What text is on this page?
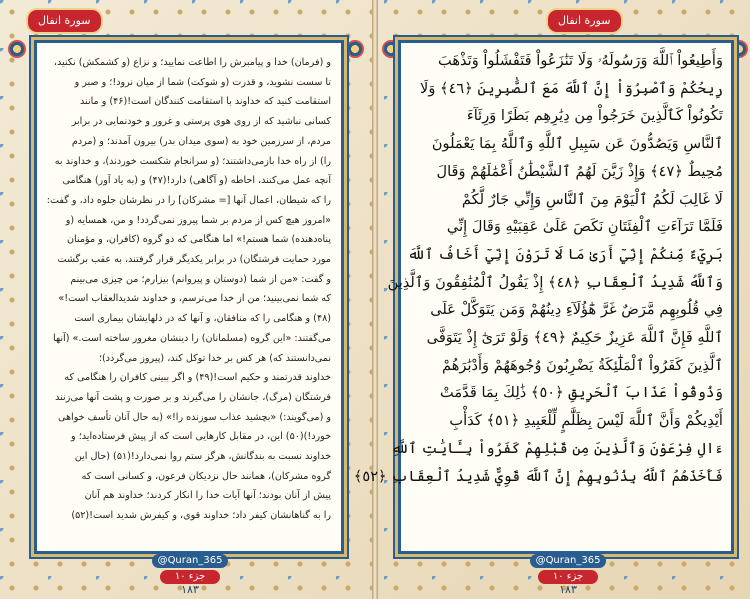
سورة انفال
و (فرمان) خدا و پیامبرش را اطاعت نمایید؛ و نزاع (و کشمکش) نکنید،
تا سست نشوید، و قدرت (و شوکت) شما از میان نرود!؛ و صبر و
استقامت کنید که خداوند با استقامت کنندگان است!(۴۶) و مانند
کسانی نباشید که از روی هوی پرستی و غرور و خودنمایی در برابر
مردم، از سرزمین خود به (سوی میدان بدر) بیرون آمدند؛ و (مردم
را) از راه خدا بازمی‌داشتند؛ (و سرانجام شکست خوردند)، و خداوند به
آنچه عمل می‌کنند، احاطه (و آگاهی) دارد!(۴۷) و (به یاد آور) هنگامی
را که شیطان، اعمال آنها [= مشرکان] را در نظرشان جلوه داد، و گفت:
«امروز هیچ کس از مردم بر شما پیروز نمی‌گردد! و من، همسایه (و
پناه‌دهنده) شما هستم!» اما هنگامی که دو گروه (کافران، و مؤمنان
مورد حمایت فرشتگان) در برابر یکدیگر قرار گرفتند، به عقب برگشت
و گفت: «من از شما (دوستان و پیروانم) بیزارم؛ من چیزی می‌بینم
که شما نمی‌بینید؛ من از خدا می‌ترسم، و خداوند شدیدالعقاب است!»
(۴۸) و هنگامی را که منافقان، و آنها که در دلهایشان بیماری است
می‌گفتند: «این گروه (مسلمانان) را دینشان مغرور ساخته است.» (آنها
نمی‌دانستند که) هر کس بر خدا توکل کند، (پیروز می‌گردد)؛
خداوند قدرتمند و حکیم است!(۴۹) و اگر ببینی کافران را هنگامی که
فرشتگان (مرگ)، جانشان را می‌گیرند و بر صورت و پشت آنها می‌زنند
و (می‌گویند:) «بچشید عذاب سوزنده را!» (به حال آنان تأسف خواهی
خورد!)(۵۰) این، در مقابل کارهایی است که از پیش فرستاده‌اید؛ و
خداوند نسبت به بندگانش، هرگز ستم روا نمی‌دارد!(۵۱) (حال این
گروه مشرکان)، همانند حال نزدیکان فرعون، و کسانی است که
پیش از آنان بودند؛ آنها آیات خدا را انکار کردند؛ خداوند هم آنان
را به گناهانشان کیفر داد؛ خداوند قوی، و کیفرش شدید است!(۵۲)
@Quran_365
جزء ۱۰
۱۸۳
سورة انفال
وَأَطِيعُواْ ٱللَّهَ وَرَسُولَهُۥ وَلَا تَنَٰزَعُواْ فَتَفْشَلُواْ وَتَذْهَبَ
رِيحُكُمْ وَٱصْبِرُوٓاْ إِنَّ ٱللَّهَ مَعَ ٱلصَّٰبِرِينَ ﴿٤٦﴾ وَلَا
تَكُونُواْ كَٱلَّذِينَ خَرَجُواْ مِن دِيَٰرِهِم بَطَرًا وَرِئَآءَ
ٱلنَّاسِ وَيَصُدُّونَ عَن سَبِيلِ ٱللَّهِ وَٱللَّهُ بِمَا يَعْمَلُونَ
مُحِيطٌ ﴿٤٧﴾ وَإِذْ زَيَّنَ لَهُمُ ٱلشَّيْطَٰنُ أَعْمَٰلَهُمْ وَقَالَ
لَا غَالِبَ لَكُمُ ٱلْيَوْمَ مِنَ ٱلنَّاسِ وَإِنِّي جَارٌ لَّكُمْ
فَلَمَّا تَرَآءَتِ ٱلْفِئَتَانِ نَكَصَ عَلَىٰ عَقِبَيْهِ وَقَالَ إِنِّي
بَرِيٓءٌ مِّنكُمْ إِنِّيٓ أَرَىٰ مَا لَا تَرَوْنَ إِنِّيٓ أَخَافُ ٱللَّهَ
وَٱللَّهُ شَدِيدُ ٱلْعِقَابِ ﴿٤٨﴾ إِذْ يَقُولُ ٱلْمُنَٰفِقُونَ وَٱلَّذِينَ
فِي قُلُوبِهِم مَّرَضٌ غَرَّ هَٰٓؤُلَآءِ دِينُهُمْ وَمَن يَتَوَكَّلْ عَلَى
ٱللَّهِ فَإِنَّ ٱللَّهَ عَزِيزٌ حَكِيمٌ ﴿٤٩﴾ وَلَوْ تَرَىٰٓ إِذْ يَتَوَفَّى
ٱلَّذِينَ كَفَرُواْ ٱلْمَلَٰٓئِكَةُ يَضْرِبُونَ وُجُوهَهُمْ وَأَدْبَٰرَهُمْ
وَذُوقُواْ عَذَابَ ٱلْحَرِيقِ ﴿٥٠﴾ ذَٰلِكَ بِمَا قَدَّمَتْ
أَيْدِيكُمْ وَأَنَّ ٱللَّهَ لَيْسَ بِظَلَّٰمٍ لِّلْعَبِيدِ ﴿٥١﴾ كَدَأْبِ
ءَالِ فِرْعَوْنَ وَٱلَّذِينَ مِن قَبْلِهِمْ كَفَرُواْ بِـَٔايَٰتِ ٱللَّهِ
فَأَخَذَهُمُ ٱللَّهُ بِذُنُوبِهِمْ إِنَّ ٱللَّهَ قَوِيٌّ شَدِيدُ ٱلْعِقَابِ ﴿٥٢﴾
@Quran_365
جزء ۱۰
۱۸۳
